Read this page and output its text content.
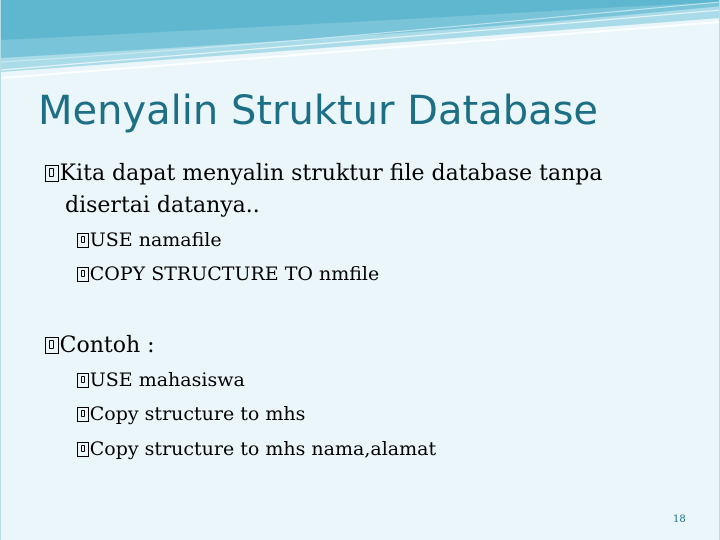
Menyalin Struktur Database
Kita dapat menyalin struktur file database tanpa
disertai datanya..
USE namafile
COPY STRUCTURE TO nmfile
Contoh :
USE mahasiswa
Copy structure to mhs
Copy structure to mhs nama,alamat
18
